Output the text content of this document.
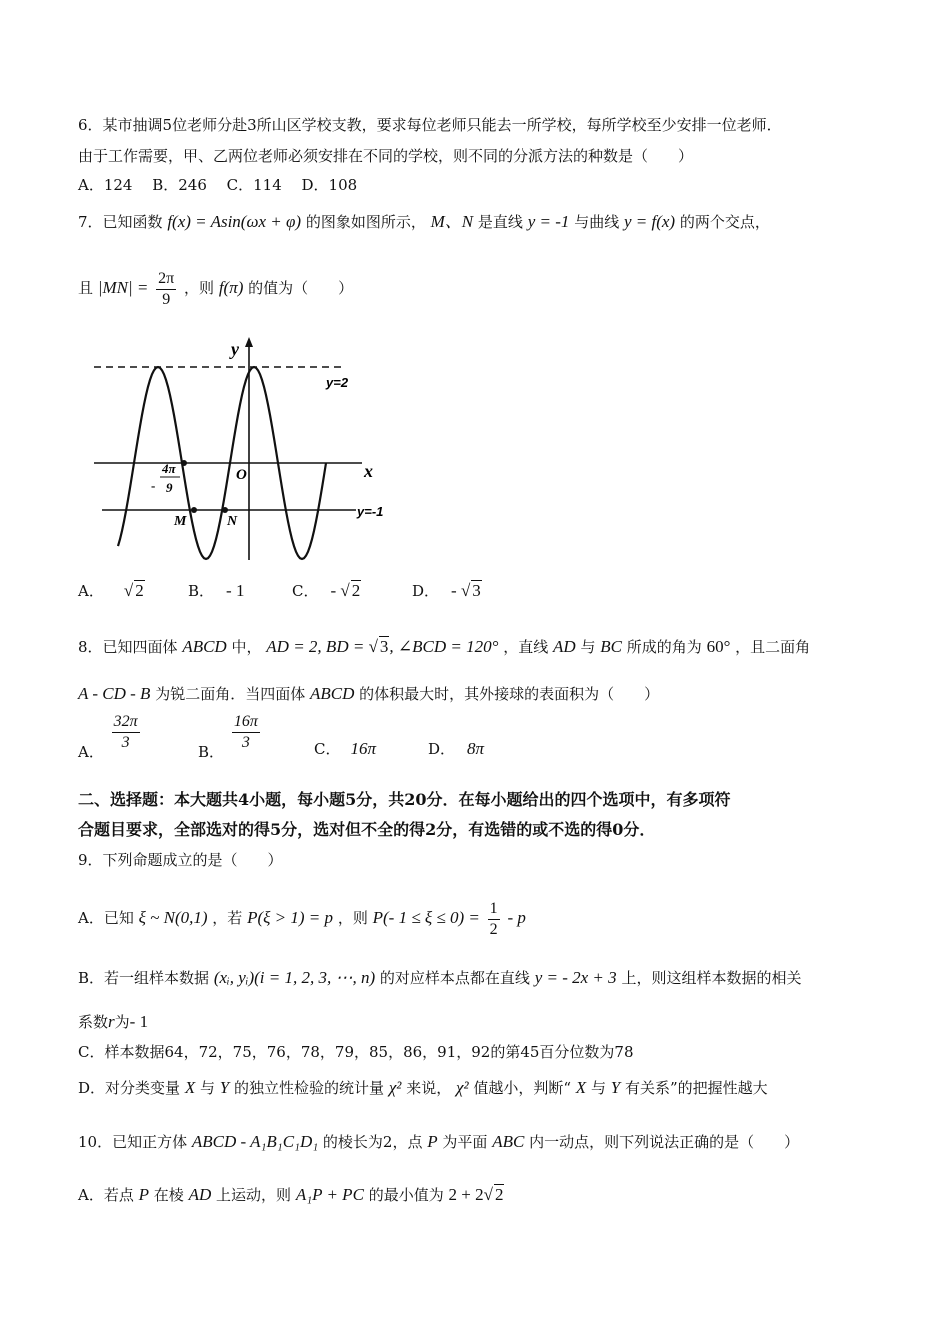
6．某市抽调5位老师分赴3所山区学校支教，要求每位老师只能去一所学校，每所学校至少安排一位老师．
由于工作需要，甲、乙两位老师必须安排在不同的学校，则不同的分派方法的种数是（　　）
A．124　 B．246　 C．114　 D．108
7．已知函数 f(x) = Asin(ωx + φ) 的图象如图所示， M、N 是直线 y = -1 与曲线 y = f(x) 的两个交点，
且 $|MN| = \frac{2\pi}{9}$ ，则 f(π) 的值为（　　）
y
x
O
y=2
y=-1
4π
- 9
M	N
A． √ 2	B． - 1	C． - √ 2	D． - √ 3
8．已知四面体 ABCD 中， AD = 2, BD = √ 3, ∠BCD = 120° ，直线 AD 与 BC 所成的角为 60° ，且二面角
A - CD - B 为锐二面角．当四面体 ABCD 的体积最大时，其外接球的表面积为（　　）
A． $\frac{32\pi}{3}$	B． $\frac{16\pi}{3}$	C． 16π	D． 8π
二、选择题：本大题共4小题，每小题5分，共20分．在每小题给出的四个选项中，有多项符
合题目要求，全部选对的得5分，选对但不全的得2分，有选错的或不选的得0分．
9．下列命题成立的是（　　）
A．已知 ξ ~ N(0,1) ，若 P(ξ > 1) = p ，则 P(- $1 \le \xi \le 0) = \frac{1}{2} - p$
B．若一组样本数据 (xᵢ, yᵢ)(i = 1, 2, 3, ⋯, n) 的对应样本点都在直线 y = - 2x + 3 上，则这组样本数据的相关
系数r为- 1
C．样本数据64，72，75，76，78，79，85，86，91，92的第45百分位数为78
D．对分类变量 X 与 Y 的独立性检验的统计量 χ² 来说， χ² 值越小，判断“ X 与 Y 有关系”的把握性越大
10．已知正方体 ABCD - A₁B₁C₁D₁ 的棱长为2，点 P 为平面 ABC 内一动点，则下列说法正确的是（　　）
A．若点 P 在棱 AD 上运动，则 A₁P + PC 的最小值为 2 + 2√ 2
